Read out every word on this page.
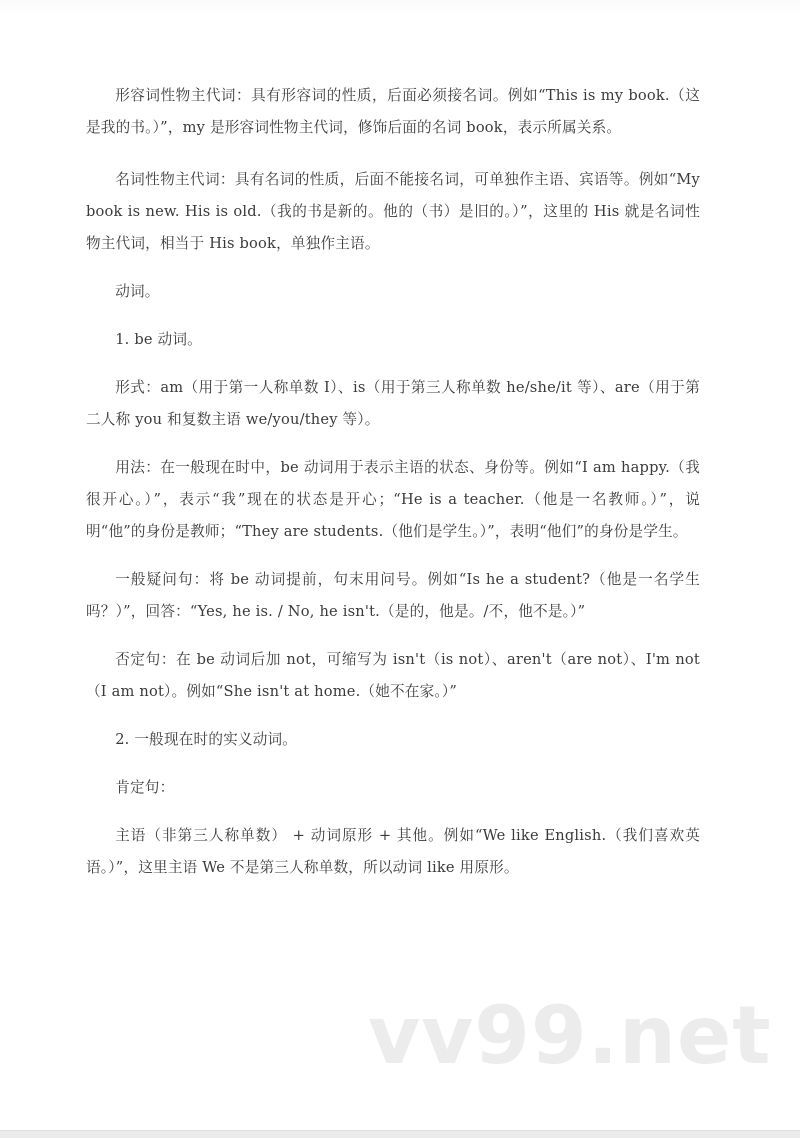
形容词性物主代词：具有形容词的性质，后面必须接名词。例如“This is my book.（这是我的书。）”，my 是形容词性物主代词，修饰后面的名词 book，表示所属关系。

名词性物主代词：具有名词的性质，后面不能接名词，可单独作主语、宾语等。例如“My book is new. His is old.（我的书是新的。他的（书）是旧的。）”，这里的 His 就是名词性物主代词，相当于 His book，单独作主语。

动词。

1. be 动词。

形式：am（用于第一人称单数 I）、is（用于第三人称单数 he/she/it 等）、are（用于第二人称 you 和复数主语 we/you/they 等）。

用法：在一般现在时中，be 动词用于表示主语的状态、身份等。例如“I am happy.（我很开心。）”，表示“我”现在的状态是开心；“He is a teacher.（他是一名教师。）”，说明“他”的身份是教师；“They are students.（他们是学生。）”，表明“他们”的身份是学生。

一般疑问句：将 be 动词提前，句末用问号。例如“Is he a student?（他是一名学生吗？）”，回答：“Yes, he is. / No, he isn't.（是的，他是。/不，他不是。）”

否定句：在 be 动词后加 not，可缩写为 isn't（is not）、aren't（are not）、I'm not（I am not）。例如“She isn't at home.（她不在家。）”

2. 一般现在时的实义动词。

肯定句：

主语（非第三人称单数） + 动词原形 + 其他。例如“We like English.（我们喜欢英语。）”，这里主语 We 不是第三人称单数，所以动词 like 用原形。

vv99.net
